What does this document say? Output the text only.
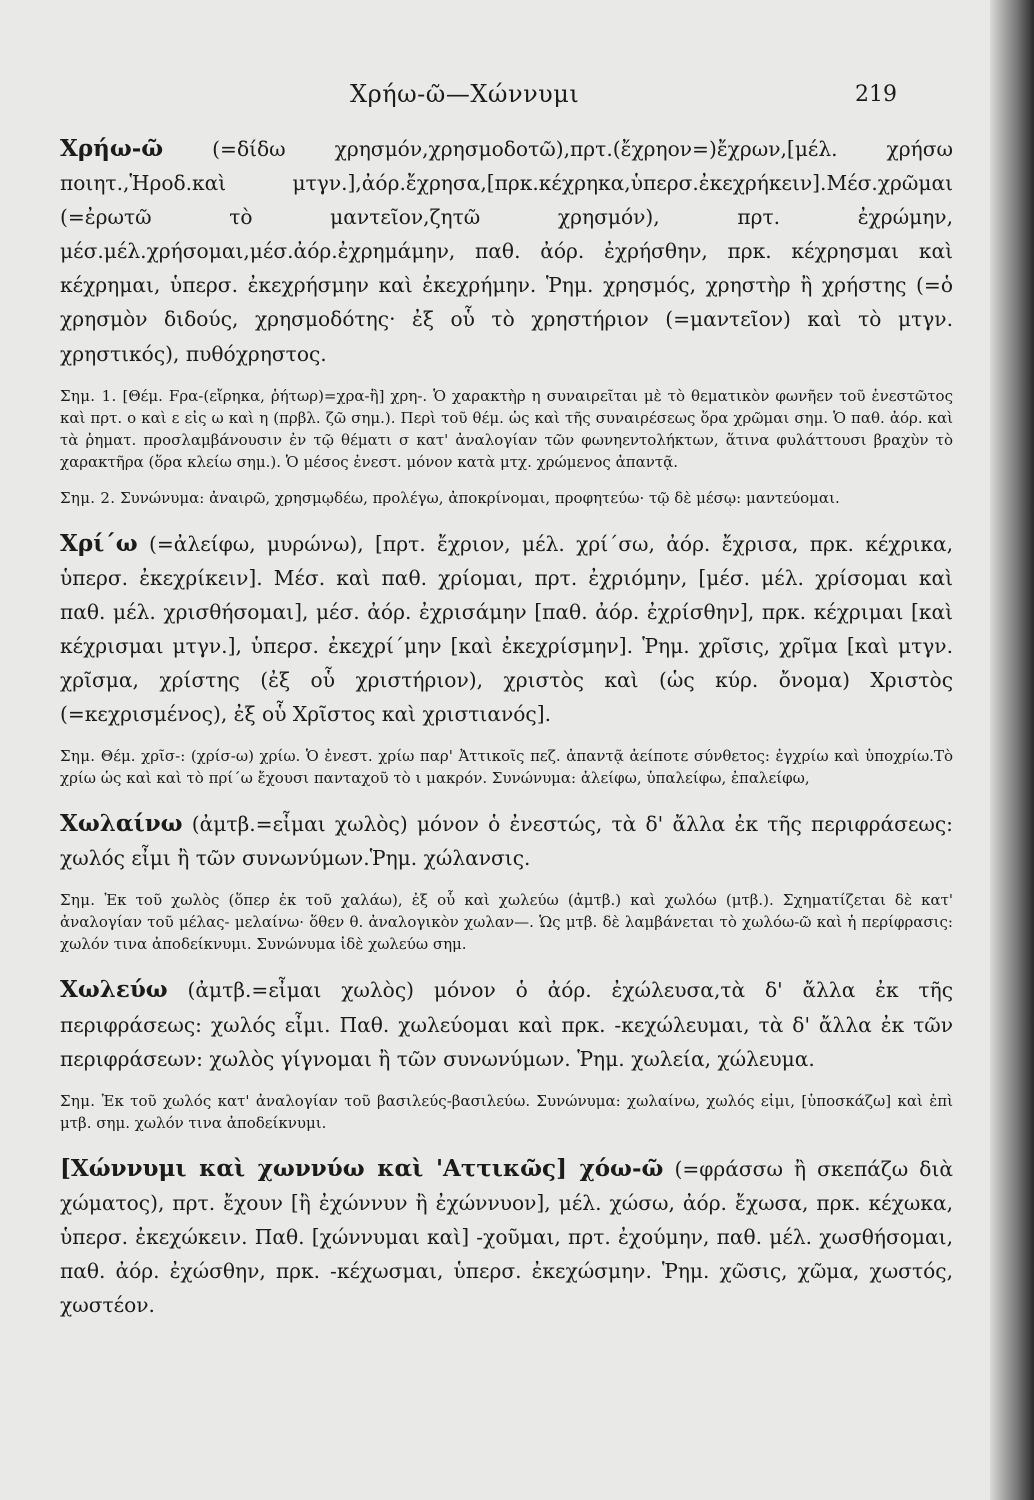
Χρήω-ῶ—Χώννυμι	219

Χρήω-ῶ (=δίδω χρησμόν,χρησμοδοτῶ),πρτ.(ἔχρηον=)ἔχρων,[μέλ. χρήσω ποιητ.,Ἡροδ.καὶ μτγν.],ἀόρ.ἔχρησα,[πρκ.κέχρηκα,ὑπερσ.ἐκεχρήκειν].Μέσ.χρῶμαι (=ἐρωτῶ τὸ μαντεῖον,ζητῶ χρησμόν), πρτ. ἐχρώμην, μέσ.μέλ.χρήσομαι,μέσ.ἀόρ.ἐχρημάμην, παθ. ἀόρ. ἐχρήσθην, πρκ. κέχρησμαι καὶ κέχρημαι, ὑπερσ. ἐκεχρήσμην καὶ ἐκεχρήμην. Ῥημ. χρησμός, χρηστὴρ ἢ χρήστης (=ὁ χρησμὸν διδούς, χρησμοδότης· ἐξ οὗ τὸ χρηστήριον (=μαντεῖον) καὶ τὸ μτγν. χρηστικός), πυθόχρηστος.

Σημ. 1. [Θέμ. Fρα-(εἴρηκα, ῥήτωρ)=χρα-ἢ] χρη-. Ὁ χαρακτὴρ η συναιρεῖται μὲ τὸ θεματικὸν φωνῆεν τοῦ ἐνεστῶτος καὶ πρτ. ο καὶ ε εἰς ω καὶ η (πρβλ. ζῶ σημ.). Περὶ τοῦ θέμ. ὡς καὶ τῆς συναιρέσεως ὅρα χρῶμαι σημ. Ὁ παθ. ἀόρ. καὶ τὰ ῥηματ. προσλαμβάνουσιν ἐν τῷ θέματι σ κατ' ἀναλογίαν τῶν φωνηεντολήκτων, ἅτινα φυλάττουσι βραχὺν τὸ χαρακτῆρα (ὅρα κλείω σημ.). Ὁ μέσος ἐνεστ. μόνον κατὰ μτχ. χρώμενος ἀπαντᾷ.

Σημ. 2. Συνώνυμα: ἀναιρῶ, χρησμῳδέω, προλέγω, ἀποκρίνομαι, προφητεύω· τῷ δὲ μέσῳ: μαντεύομαι.

Χρί΄ω (=ἀλείφω, μυρώνω), [πρτ. ἔχριον, μέλ. χρί΄σω, ἀόρ. ἔχρισα, πρκ. κέχρικα, ὑπερσ. ἐκεχρίκειν]. Μέσ. καὶ παθ. χρίομαι, πρτ. ἐχριόμην, [μέσ. μέλ. χρίσομαι καὶ παθ. μέλ. χρισθήσομαι], μέσ. ἀόρ. ἐχρισάμην [παθ. ἀόρ. ἐχρίσθην], πρκ. κέχριμαι [καὶ κέχρισμαι μτγν.], ὑπερσ. ἐκεχρί΄μην [καὶ ἐκεχρίσμην]. Ῥημ. χρῖσις, χρῖμα [καὶ μτγν. χρῖσμα, χρίστης (ἐξ οὗ χριστήριον), χριστὸς καὶ (ὡς κύρ. ὄνομα) Χριστὸς (=κεχρισμένος), ἐξ οὗ Χρῖστος καὶ χριστιανός].

Σημ. Θέμ. χρῖσ-: (χρίσ-ω) χρίω. Ὁ ἐνεστ. χρίω παρ' Ἀττικοῖς πεζ. ἀπαντᾷ ἀείποτε σύνθετος: ἐγχρίω καὶ ὑποχρίω.Τὸ χρίω ὡς καὶ καὶ τὸ πρί΄ω ἔχουσι πανταχοῦ τὸ ι μακρόν. Συνώνυμα: ἀλείφω, ὑπαλείφω, ἐπαλείφω,

Χωλαίνω (ἀμτβ.=εἶμαι χωλὸς) μόνον ὁ ἐνεστώς, τὰ δ' ἄλλα ἐκ τῆς περιφράσεως: χωλός εἶμι ἢ τῶν συνωνύμων.Ῥημ. χώλανσις.

Σημ. Ἐκ τοῦ χωλὸς (ὅπερ ἐκ τοῦ χαλάω), ἐξ οὗ καὶ χωλεύω (ἀμτβ.) καὶ χωλόω (μτβ.). Σχηματίζεται δὲ κατ' ἀναλογίαν τοῦ μέλας- μελαίνω· ὅθεν θ. ἀναλογικὸν χωλαν—. Ὡς μτβ. δὲ λαμβάνεται τὸ χωλόω-ῶ καὶ ἡ περίφρασις: χωλόν τινα ἀποδείκνυμι. Συνώνυμα ἰδὲ χωλεύω σημ.

Χωλεύω (ἀμτβ.=εἶμαι χωλὸς) μόνον ὁ ἀόρ. ἐχώλευσα,τὰ δ' ἄλλα ἐκ τῆς περιφράσεως: χωλός εἶμι. Παθ. χωλεύομαι καὶ πρκ. -κεχώλευμαι, τὰ δ' ἄλλα ἐκ τῶν περιφράσεων: χωλὸς γίγνομαι ἢ τῶν συνωνύμων. Ῥημ. χωλεία, χώλευμα.

Σημ. Ἐκ τοῦ χωλός κατ' ἀναλογίαν τοῦ βασιλεύς-βασιλεύω. Συνώνυμα: χωλαίνω, χωλός εἰμι, [ὑποσκάζω] καὶ ἐπὶ μτβ. σημ. χωλόν τινα ἀποδείκνυμι.

[Χώννυμι καὶ χωννύω καὶ 'Αττικῶς] χόω-ῶ (=φράσσω ἢ σκεπάζω διὰ χώματος), πρτ. ἔχουν [ἢ ἐχώννυν ἢ ἐχώννυον], μέλ. χώσω, ἀόρ. ἔχωσα, πρκ. κέχωκα, ὑπερσ. ἐκεχώκειν. Παθ. [χώννυμαι καὶ] -χοῦμαι, πρτ. ἐχούμην, παθ. μέλ. χωσθήσομαι, παθ. ἀόρ. ἐχώσθην, πρκ. -κέχωσμαι, ὑπερσ. ἐκεχώσμην. Ῥημ. χῶσις, χῶμα, χωστός, χωστέον.
